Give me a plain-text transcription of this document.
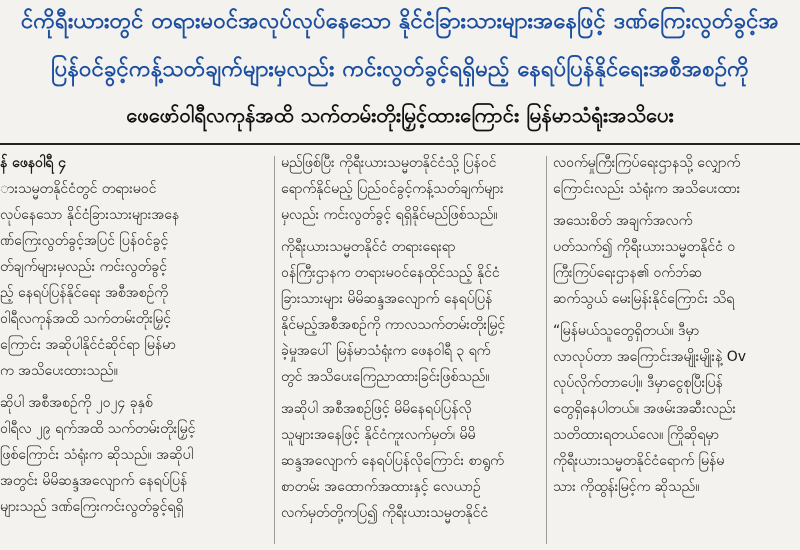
င်ကိုရီးယားတွင် တရားမဝင်အလုပ်လုပ်နေသော နိုင်ငံခြားသားများအနေဖြင့် ဒဏ်ကြေးလွတ်ခွင့်အ
ပြန်ဝင်ခွင့်ကန့်သတ်ချက်များမှလည်း ကင်းလွတ်ခွင့်ရရှိမည့် နေရပ်ပြန်နိုင်ရေးအစီအစဉ်ကို
ဖေဖော်ဝါရီလကုန်အထိ သက်တမ်းတိုးမြှင့်ထားကြောင်း မြန်မာသံရုံးအသိပေး

န် ဖေနဝါရီ ၄

ားသမ္မတနိုင်ငံတွင် တရားမဝင်

လုပ်နေသော နိုင်ငံခြားသားများအနေ

ဏ်ကြေးလွတ်ခွင့်အပြင် ပြန်ဝင်ခွင့်

တ်ချက်များမှလည်း ကင်းလွတ်ခွင့်

ည့် နေရပ်ပြန်နိုင်ရေး အစီအစဉ်ကို

ဝါရီလကုန်အထိ သက်တမ်းတိုးမြှင့်

ကြောင်း အဆိုပါနိုင်ငံဆိုင်ရာ မြန်မာ

က အသိပေးထားသည်။

ဆိုပါ အစီအစဉ်ကို ၂၀၂၄ ခုနှစ်

ဝါရီလ ၂၉ ရက်အထိ သက်တမ်းတိုးမြှင့်

ဖြစ်ကြောင်း သံရုံးက ဆိုသည်။ အဆိုပါ

အတွင်း မိမိဆန္ဒအလျောက် နေရပ်ပြန်

များသည် ဒဏ်ကြေးကင်းလွတ်ခွင့်ရရှိ

မည်ဖြစ်ပြီး ကိုရီးယားသမ္မတနိုင်ငံသို့ ပြန်ဝင်

ရောက်နိုင်မည့် ပြည်ဝင်ခွင့်ကန့်သတ်ချက်များ

မှလည်း ကင်းလွတ်ခွင့် ရရှိနိုင်မည်ဖြစ်သည်။

ကိုရီးယားသမ္မတနိုင်ငံ တရားရေးရာ

ဝန်ကြီးဌာနက တရားမဝင်နေထိုင်သည့် နိုင်ငံ

ခြားသားများ မိမိဆန္ဒအလျောက် နေရပ်ပြန်

နိုင်မည့်အစီအစဉ်ကို ကာလသက်တမ်းတိုးမြှင့်

ခဲ့မှုအပေါ် မြန်မာသံရုံးက ဖေနဝါရီ ၃ ရက်

တွင် အသိပေးကြေညာထားခြင်းဖြစ်သည်။

အဆိုပါ အစီအစဉ်ဖြင့် မိမိနေရပ်ပြန်လို

သူများအနေဖြင့် နိုင်ငံကူးလက်မှတ်၊ မိမိ

ဆန္ဒအလျောက် နေရပ်ပြန်လိုကြောင်း စာရွက်

စာတမ်း အထောက်အထားနှင့် လေယာဉ်

လက်မှတ်တို့ကပြ၍ ကိုရီးယားသမ္မတနိုင်ငံ

လဝက်မှုကြီးကြပ်ရေးဌာနသို့ လျှောက်

ကြောင်းလည်း သံရုံးက အသိပေးထား

အသေးစိတ် အချက်အလက်

ပတ်သက်၍ ကိုရီးယားသမ္မတနိုင်ငံ ဝ

ကြီးကြပ်ရေးဌာန၏ ဝက်ဘ်ဆ

ဆက်သွယ် မေးမြန်းနိုင်ကြောင်း သိရ

“မြန်မယ်သူတွေရှိတယ်။ ဒီမှာ

လာလုပ်တာ အကြောင်းအမျိုးမျိုးနဲ့ Ov

လုပ်လိုက်တာပေါ့။ ဒီမှာငွေစုပြီးပြန်

တွေရှိနေပါတယ်။ အဖမ်းအဆီးလည်း

သတိထားရတယ်လေ။ ကြိုဆိုရမှာ

ကိုရီးယားသမ္မတနိုင်ငံရောက် မြန်မ

သား ကိုထွန်းမြင့်က ဆိုသည်။
